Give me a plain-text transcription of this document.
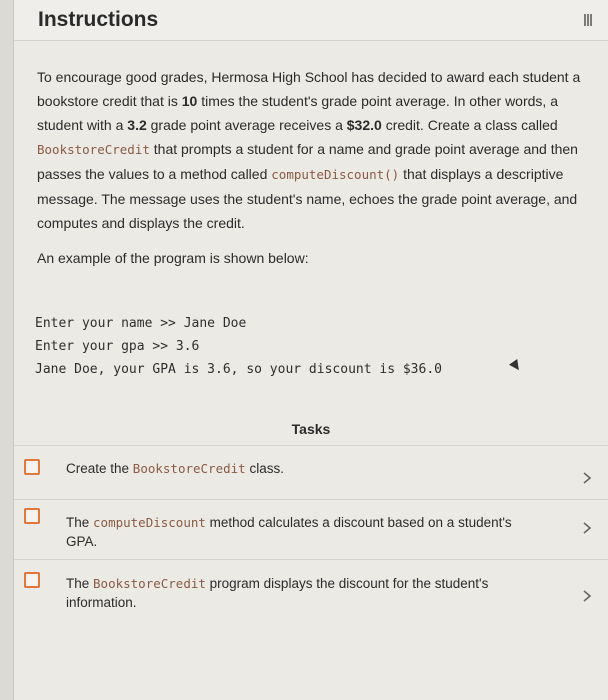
Instructions
To encourage good grades, Hermosa High School has decided to award each student a bookstore credit that is 10 times the student's grade point average. In other words, a student with a 3.2 grade point average receives a $32.0 credit. Create a class called BookstoreCredit that prompts a student for a name and grade point average and then passes the values to a method called computeDiscount() that displays a descriptive message. The message uses the student's name, echoes the grade point average, and computes and displays the credit.
An example of the program is shown below:
Enter your name >> Jane Doe
Enter your gpa >> 3.6
Jane Doe, your GPA is 3.6, so your discount is $36.0
Tasks
Create the BookstoreCredit class.
The computeDiscount method calculates a discount based on a student's GPA.
The BookstoreCredit program displays the discount for the student's information.
